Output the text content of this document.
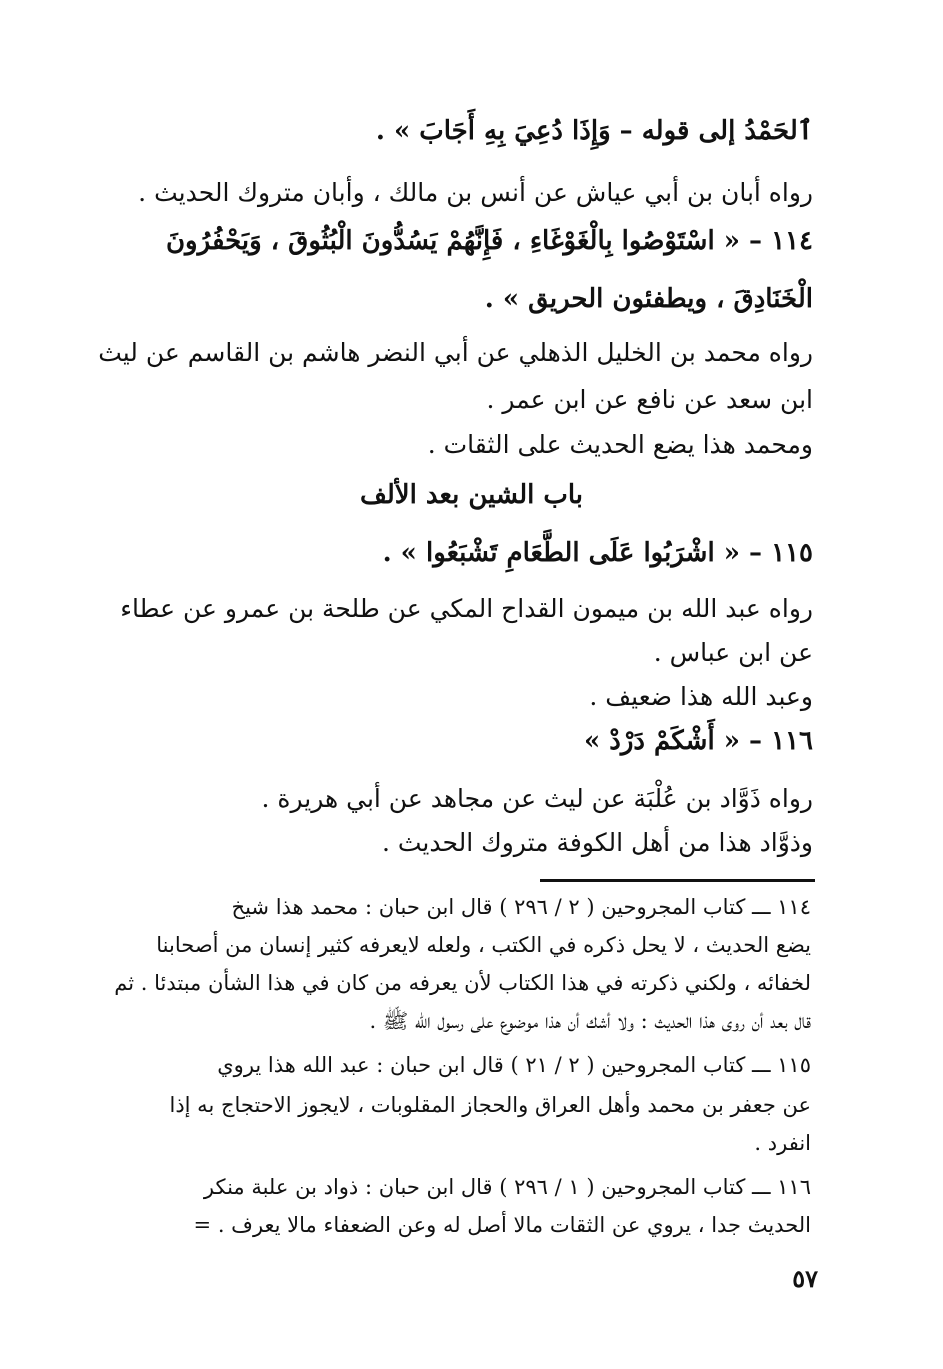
ٱلحَمْدُ إلى قوله – وَإِذَا دُعِيَ بِهِ أَجَابَ » .
رواه أبان بن أبي عياش عن أنس بن مالك ، وأبان متروك الحديث .
١١٤ – « اسْتَوْصُوا بِالْغَوْغَاءِ ، فَإِنَّهُمْ يَسُدُّونَ الْبُثُوقَ ، وَيَحْفُرُونَ
الْخَنَادِقَ ، ويطفئون الحريق » .
رواه محمد بن الخليل الذهلي عن أبي النضر هاشم بن القاسم عن ليث
ابن سعد عن نافع عن ابن عمر .
ومحمد هذا يضع الحديث على الثقات .
باب الشين بعد الألف
١١٥ – « اشْرَبُوا عَلَى الطَّعَامِ تَشْبَعُوا » .
رواه عبد الله بن ميمون القداح المكي عن طلحة بن عمرو عن عطاء
عن ابن عباس .
وعبد الله هذا ضعيف .
١١٦ – « أَشْكَمْ دَرْدْ »
رواه ذَوَّاد بن عُلْبَة عن ليث عن مجاهد عن أبي هريرة .
وذوَّاد هذا من أهل الكوفة متروك الحديث .
١١٤ ـــ كتاب المجروحين ( ٢ / ٢٩٦ ) قال ابن حبان : محمد هذا شيخ
يضع الحديث ، لا يحل ذكره في الكتب ، ولعله لايعرفه كثير إنسان من أصحابنا
لخفائه ، ولكني ذكرته في هذا الكتاب لأن يعرفه من كان في هذا الشأن مبتدئا . ثم
قال بعد أن روى هذا الحديث : ولا أشك أن هذا موضوع على رسول الله ﷺ .
١١٥ ـــ كتاب المجروحين ( ٢ / ٢١ ) قال ابن حبان : عبد الله هذا يروي
عن جعفر بن محمد وأهل العراق والحجاز المقلوبات ، لايجوز الاحتجاج به إذا
انفرد .
١١٦ ـــ كتاب المجروحين ( ١ / ٢٩٦ ) قال ابن حبان : ذواد بن علبة منكر
الحديث جدا ، يروي عن الثقات مالا أصل له وعن الضعفاء مالا يعرف . =
٥٧
